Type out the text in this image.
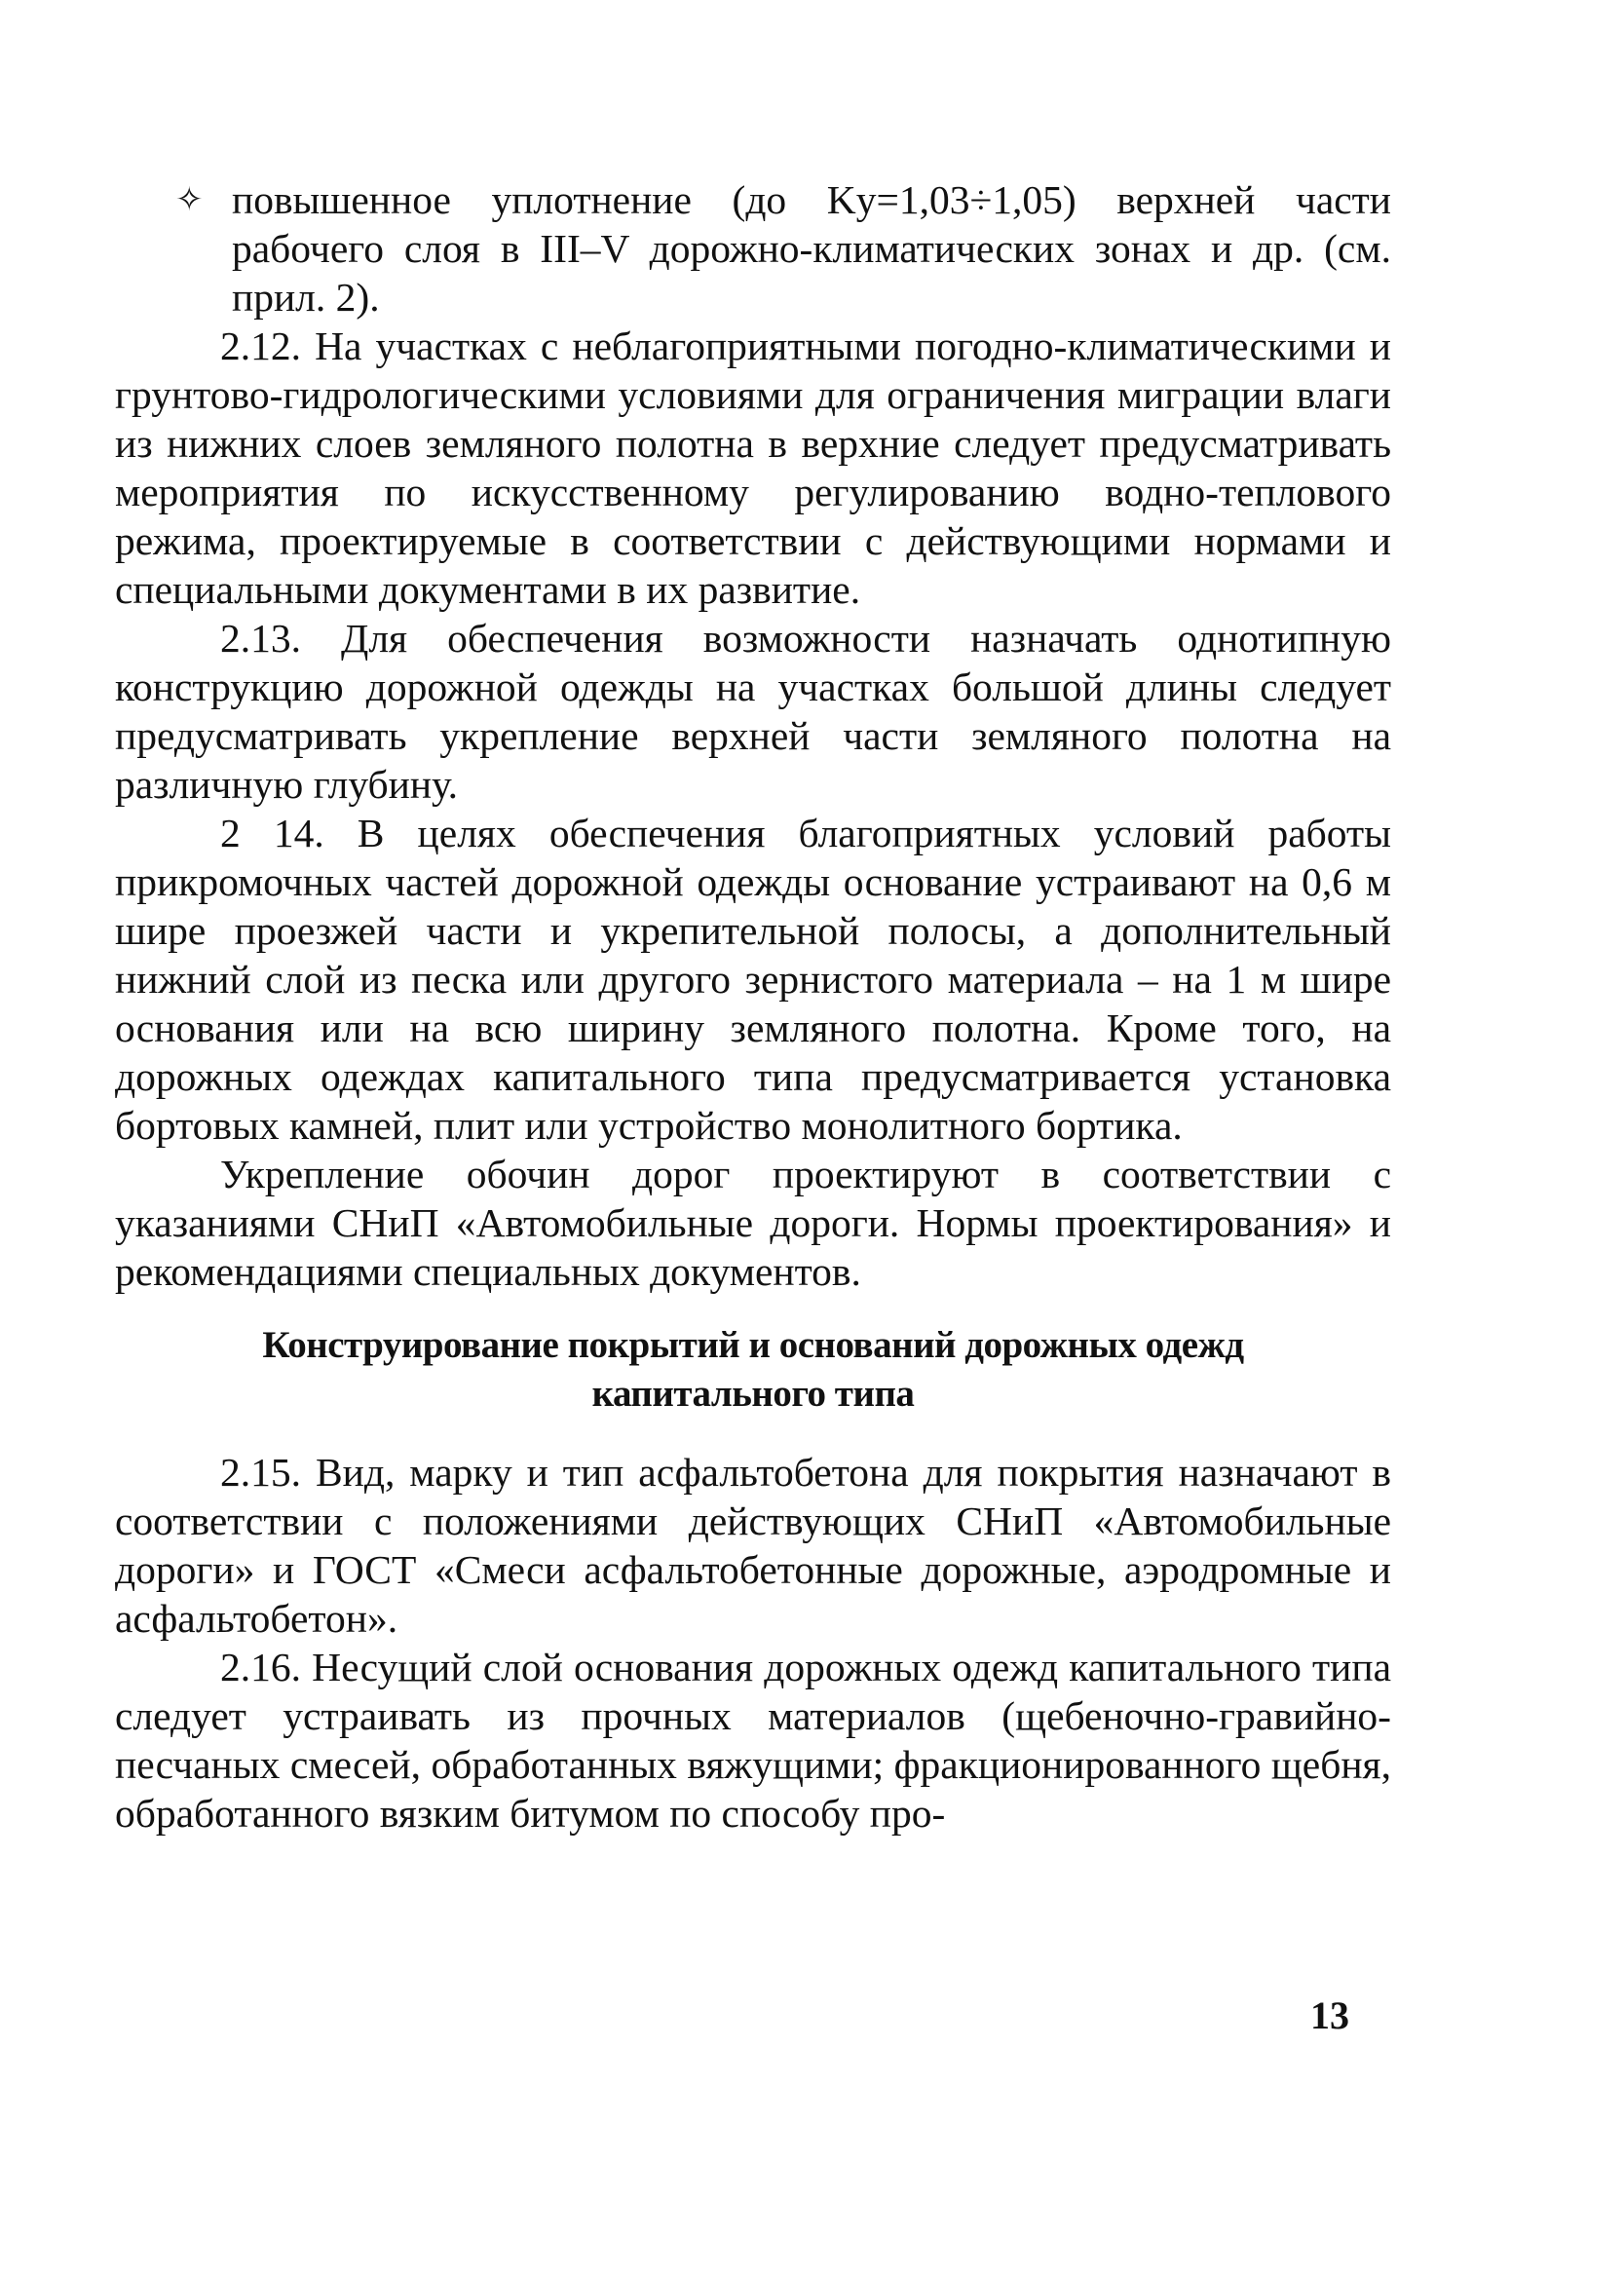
✧ повышенное уплотнение (до Ky=1,03÷1,05) верхней части рабочего слоя в III–V дорожно-климатических зонах и др. (см. прил. 2).

2.12. На участках с неблагоприятными погодно-климатическими и грунтово-гидрологическими условиями для ограничения миграции влаги из нижних слоев земляного полотна в верхние следует предусматривать мероприятия по искусственному регулированию водно-теплового режима, проектируемые в соответствии с действующими нормами и специальными документами в их развитие.

2.13. Для обеспечения возможности назначать однотипную конструкцию дорожной одежды на участках большой длины следует предусматривать укрепление верхней части земляного полотна на различную глубину.

2 14. В целях обеспечения благоприятных условий работы прикромочных частей дорожной одежды основание устраивают на 0,6 м шире проезжей части и укрепительной полосы, а дополнительный нижний слой из песка или другого зернистого материала – на 1 м шире основания или на всю ширину земляного полотна. Кроме того, на дорожных одеждах капитального типа предусматривается установка бортовых камней, плит или устройство монолитного бортика.

Укрепление обочин дорог проектируют в соответствии с указаниями СНиП «Автомобильные дороги. Нормы проектирования» и рекомендациями специальных документов.

Конструирование покрытий и оснований дорожных одежд
капитального типа

2.15. Вид, марку и тип асфальтобетона для покрытия назначают в соответствии с положениями действующих СНиП «Автомобильные дороги» и ГОСТ «Смеси асфальтобетонные дорожные, аэродромные и асфальтобетон».

2.16. Несущий слой основания дорожных одежд капитального типа следует устраивать из прочных материалов (щебеночно-гравийно-песчаных смесей, обработанных вяжущими; фракционированного щебня, обработанного вязким битумом по способу про-

13
